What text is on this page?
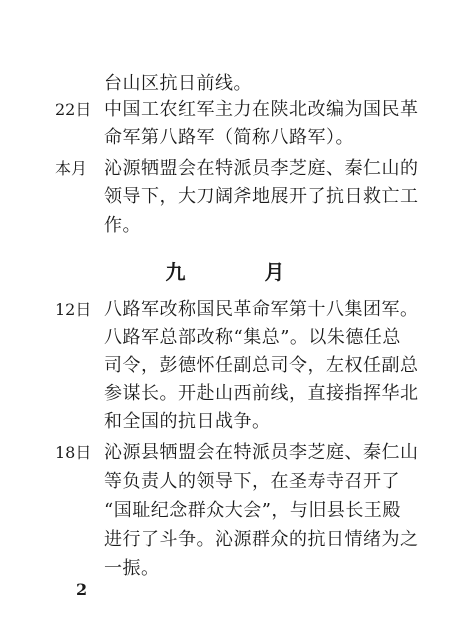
台山区抗日前线。
22日 中国工农红军主力在陕北改编为国民革
命军第八路军（简称八路军）。
本月 沁源牺盟会在特派员李芝庭、秦仁山的
领导下，大刀阔斧地展开了抗日救亡工
作。
九 月
12日 八路军改称国民革命军第十八集团军。
八路军总部改称“集总”。以朱德任总
司令，彭德怀任副总司令，左权任副总
参谋长。开赴山西前线，直接指挥华北
和全国的抗日战争。
18日 沁源县牺盟会在特派员李芝庭、秦仁山
等负责人的领导下，在圣寿寺召开了
“国耻纪念群众大会”，与旧县长王殿
进行了斗争。沁源群众的抗日情绪为之
一振。
2
